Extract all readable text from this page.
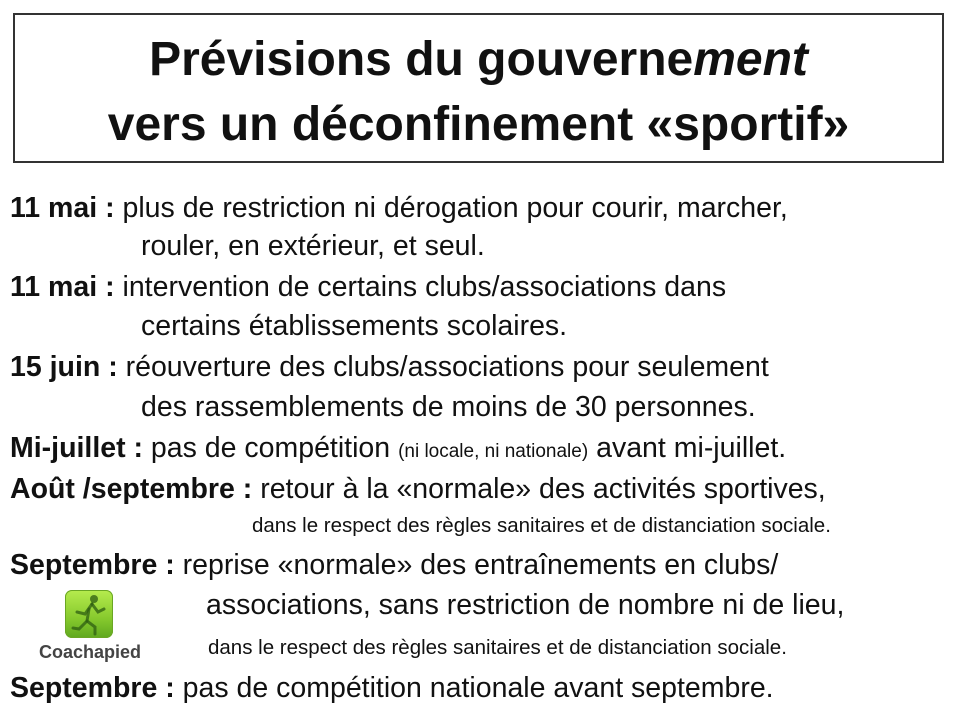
Prévisions du gouvernement
vers un déconfinement «sportif»
11 mai : plus de restriction ni dérogation pour courir, marcher,
rouler, en extérieur, et seul.
11 mai : intervention de certains clubs/associations dans
certains établissements scolaires.
15 juin : réouverture des clubs/associations pour seulement
des rassemblements de moins de 30 personnes.
Mi-juillet : pas de compétition (ni locale, ni nationale) avant mi-juillet.
Août /septembre : retour à la «normale» des activités sportives,
dans le respect des règles sanitaires et de distanciation sociale.
Septembre : reprise «normale» des entraînements en clubs/
associations, sans restriction de nombre ni de lieu,
dans le respect des règles sanitaires et de distanciation sociale.
Septembre : pas de compétition nationale avant septembre.
Coachapied
